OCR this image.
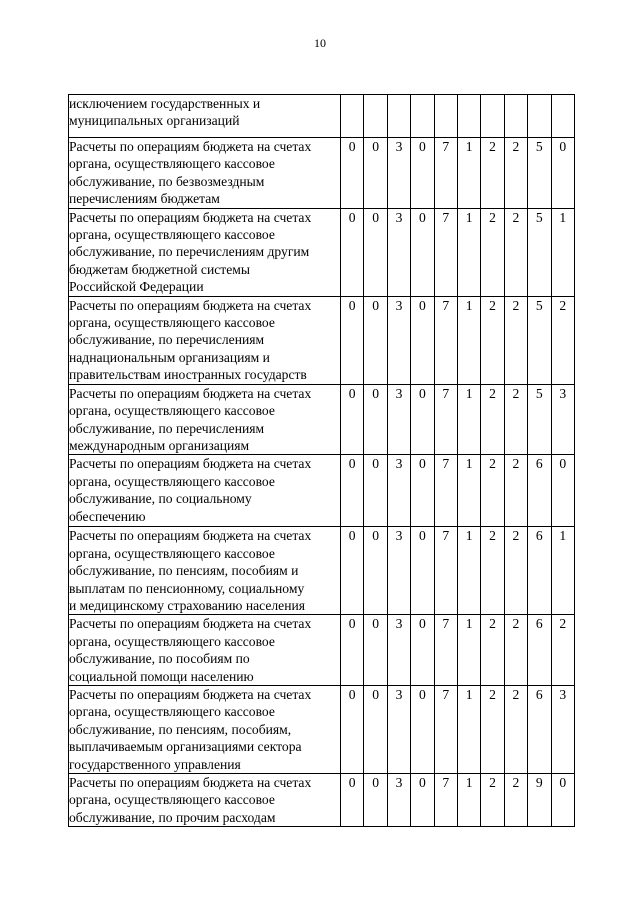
10
исключением государственных и
муниципальных организаций										

Расчеты по операциям бюджета на счетах
органа, осуществляющего кассовое
обслуживание, по безвозмездным
перечислениям бюджетам	0	0	3	0	7	1	2	2	5	0

Расчеты по операциям бюджета на счетах
органа, осуществляющего кассовое
обслуживание, по перечислениям другим
бюджетам бюджетной системы
Российской Федерации	0	0	3	0	7	1	2	2	5	1

Расчеты по операциям бюджета на счетах
органа, осуществляющего кассовое
обслуживание, по перечислениям
наднациональным организациям и
правительствам иностранных государств	0	0	3	0	7	1	2	2	5	2

Расчеты по операциям бюджета на счетах
органа, осуществляющего кассовое
обслуживание, по перечислениям
международным организациям	0	0	3	0	7	1	2	2	5	3

Расчеты по операциям бюджета на счетах
органа, осуществляющего кассовое
обслуживание, по социальному
обеспечению	0	0	3	0	7	1	2	2	6	0

Расчеты по операциям бюджета на счетах
органа, осуществляющего кассовое
обслуживание, по пенсиям, пособиям и
выплатам по пенсионному, социальному
и медицинскому страхованию населения	0	0	3	0	7	1	2	2	6	1

Расчеты по операциям бюджета на счетах
органа, осуществляющего кассовое
обслуживание, по пособиям по
социальной помощи населению	0	0	3	0	7	1	2	2	6	2

Расчеты по операциям бюджета на счетах
органа, осуществляющего кассовое
обслуживание, по пенсиям, пособиям,
выплачиваемым организациями сектора
государственного управления	0	0	3	0	7	1	2	2	6	3

Расчеты по операциям бюджета на счетах
органа, осуществляющего кассовое
обслуживание, по прочим расходам	0	0	3	0	7	1	2	2	9	0
